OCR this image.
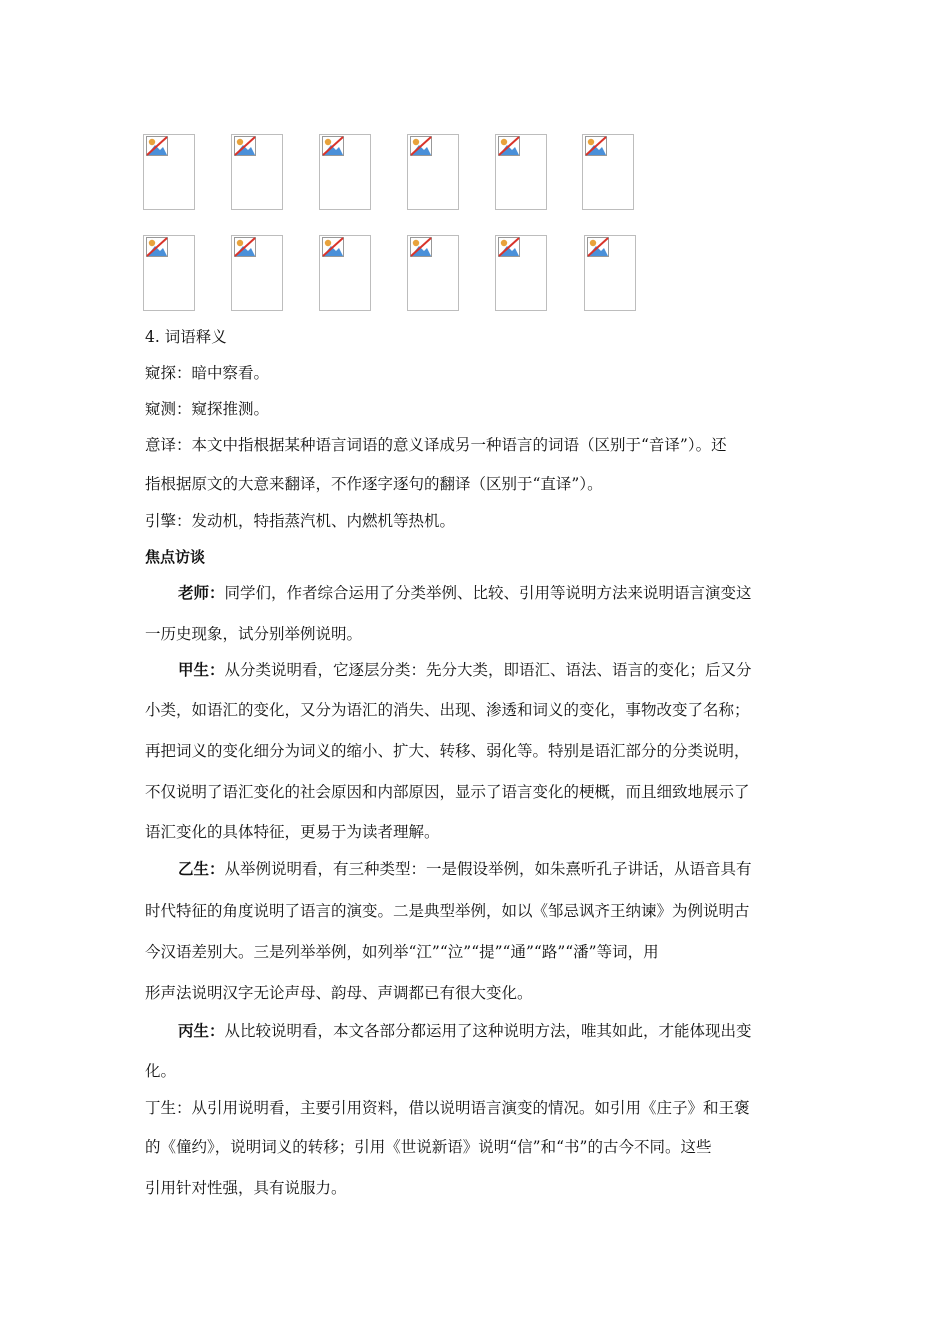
4. 词语释义
窥探：暗中察看。
窥测：窥探推测。
意译：本文中指根据某种语言词语的意义译成另一种语言的词语（区别于“音译”）。还
指根据原文的大意来翻译，不作逐字逐句的翻译（区别于“直译”）。
引擎：发动机，特指蒸汽机、内燃机等热机。
焦点访谈
老师：同学们，作者综合运用了分类举例、比较、引用等说明方法来说明语言演变这
一历史现象，试分别举例说明。
甲生：从分类说明看，它逐层分类：先分大类，即语汇、语法、语言的变化；后又分
小类，如语汇的变化，又分为语汇的消失、出现、渗透和词义的变化，事物改变了名称；
再把词义的变化细分为词义的缩小、扩大、转移、弱化等。特别是语汇部分的分类说明，
不仅说明了语汇变化的社会原因和内部原因，显示了语言变化的梗概，而且细致地展示了
语汇变化的具体特征，更易于为读者理解。
乙生：从举例说明看，有三种类型：一是假设举例，如朱熹听孔子讲话，从语音具有
时代特征的角度说明了语言的演变。二是典型举例，如以《邹忌讽齐王纳谏》为例说明古
今汉语差别大。三是列举举例，如列举“江”“泣”“提”“通”“路”“潘”等词，用
形声法说明汉字无论声母、韵母、声调都已有很大变化。
丙生：从比较说明看，本文各部分都运用了这种说明方法，唯其如此，才能体现出变
化。
丁生：从引用说明看，主要引用资料，借以说明语言演变的情况。如引用《庄子》和王褒
的《僮约》，说明词义的转移；引用《世说新语》说明“信”和“书”的古今不同。这些
引用针对性强，具有说服力。
